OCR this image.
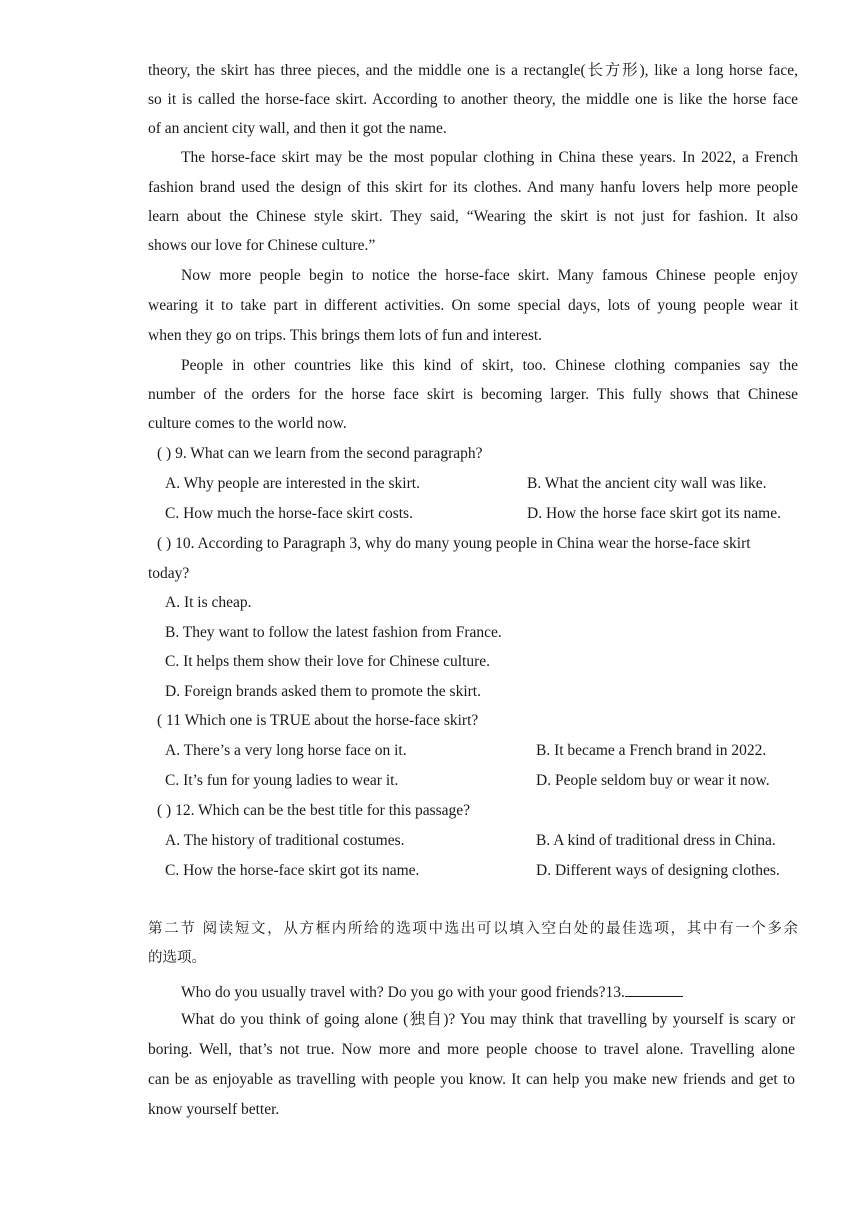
theory, the skirt has three pieces, and the middle one is a rectangle(长方形), like a long horse face,
so it is called the horse-face skirt. According to another theory, the middle one is like the horse face
of an ancient city wall, and then it got the name.
The horse-face skirt may be the most popular clothing in China these years. In 2022, a French
fashion brand used the design of this skirt for its clothes. And many hanfu lovers help more people
learn about the Chinese style skirt. They said, “Wearing the skirt is not just for fashion. It also
shows our love for Chinese culture.”
Now more people begin to notice the horse-face skirt. Many famous Chinese people enjoy
wearing it to take part in different activities. On some special days, lots of young people wear it
when they go on trips. This brings them lots of fun and interest.
People in other countries like this kind of skirt, too. Chinese clothing companies say the
number of the orders for the horse face skirt is becoming larger. This fully shows that Chinese
culture comes to the world now.
( ) 9. What can we learn from the second paragraph?
A. Why people are interested in the skirt.	B. What the ancient city wall was like.
C. How much the horse-face skirt costs.	D. How the horse face skirt got its name.
( ) 10. According to Paragraph 3, why do many young people in China wear the horse-face skirt
today?
A. It is cheap.
B. They want to follow the latest fashion from France.
C. It helps them show their love for Chinese culture.
D. Foreign brands asked them to promote the skirt.
( 11 Which one is TRUE about the horse-face skirt?
A. There’s a very long horse face on it.	B. It became a French brand in 2022.
C. It’s fun for young ladies to wear it.	D. People seldom buy or wear it now.
( ) 12. Which can be the best title for this passage?
A. The history of traditional costumes.	B. A kind of traditional dress in China.
C. How the horse-face skirt got its name.	D. Different ways of designing clothes.
第二节 阅读短文，从方框内所给的选项中选出可以填入空白处的最佳选项，其中有一个多余
的选项。
Who do you usually travel with? Do you go with your good friends?13.
What do you think of going alone (独自)? You may think that travelling by yourself is scary or
boring. Well, that’s not true. Now more and more people choose to travel alone. Travelling alone
can be as enjoyable as travelling with people you know. It can help you make new friends and get to
know yourself better.
